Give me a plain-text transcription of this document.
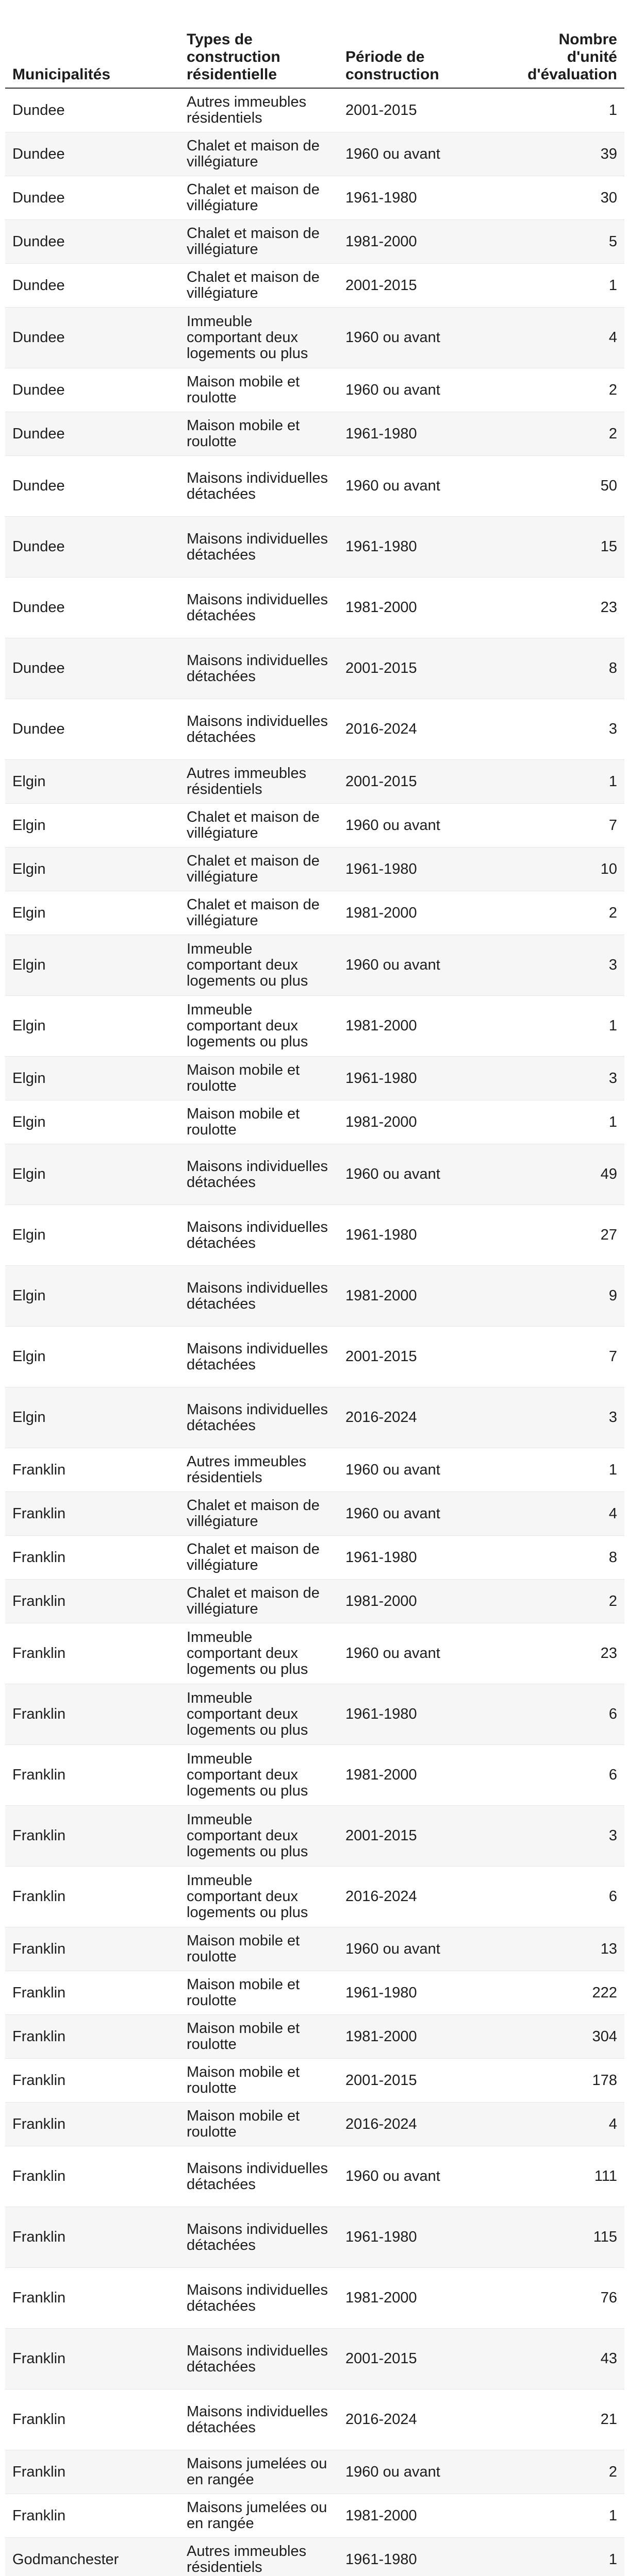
Municipalités	Types de construction résidentielle	Période de construction	Nombre d'unité d'évaluation
Dundee	Autres immeubles résidentiels	2001-2015	1
Dundee	Chalet et maison de villégiature	1960 ou avant	39
Dundee	Chalet et maison de villégiature	1961-1980	30
Dundee	Chalet et maison de villégiature	1981-2000	5
Dundee	Chalet et maison de villégiature	2001-2015	1
Dundee	Immeuble comportant deux logements ou plus	1960 ou avant	4
Dundee	Maison mobile et roulotte	1960 ou avant	2
Dundee	Maison mobile et roulotte	1961-1980	2
Dundee	Maisons individuelles détachées	1960 ou avant	50
Dundee	Maisons individuelles détachées	1961-1980	15
Dundee	Maisons individuelles détachées	1981-2000	23
Dundee	Maisons individuelles détachées	2001-2015	8
Dundee	Maisons individuelles détachées	2016-2024	3
Elgin	Autres immeubles résidentiels	2001-2015	1
Elgin	Chalet et maison de villégiature	1960 ou avant	7
Elgin	Chalet et maison de villégiature	1961-1980	10
Elgin	Chalet et maison de villégiature	1981-2000	2
Elgin	Immeuble comportant deux logements ou plus	1960 ou avant	3
Elgin	Immeuble comportant deux logements ou plus	1981-2000	1
Elgin	Maison mobile et roulotte	1961-1980	3
Elgin	Maison mobile et roulotte	1981-2000	1
Elgin	Maisons individuelles détachées	1960 ou avant	49
Elgin	Maisons individuelles détachées	1961-1980	27
Elgin	Maisons individuelles détachées	1981-2000	9
Elgin	Maisons individuelles détachées	2001-2015	7
Elgin	Maisons individuelles détachées	2016-2024	3
Franklin	Autres immeubles résidentiels	1960 ou avant	1
Franklin	Chalet et maison de villégiature	1960 ou avant	4
Franklin	Chalet et maison de villégiature	1961-1980	8
Franklin	Chalet et maison de villégiature	1981-2000	2
Franklin	Immeuble comportant deux logements ou plus	1960 ou avant	23
Franklin	Immeuble comportant deux logements ou plus	1961-1980	6
Franklin	Immeuble comportant deux logements ou plus	1981-2000	6
Franklin	Immeuble comportant deux logements ou plus	2001-2015	3
Franklin	Immeuble comportant deux logements ou plus	2016-2024	6
Franklin	Maison mobile et roulotte	1960 ou avant	13
Franklin	Maison mobile et roulotte	1961-1980	222
Franklin	Maison mobile et roulotte	1981-2000	304
Franklin	Maison mobile et roulotte	2001-2015	178
Franklin	Maison mobile et roulotte	2016-2024	4
Franklin	Maisons individuelles détachées	1960 ou avant	111
Franklin	Maisons individuelles détachées	1961-1980	115
Franklin	Maisons individuelles détachées	1981-2000	76
Franklin	Maisons individuelles détachées	2001-2015	43
Franklin	Maisons individuelles détachées	2016-2024	21
Franklin	Maisons jumelées ou en rangée	1960 ou avant	2
Franklin	Maisons jumelées ou en rangée	1981-2000	1
Godmanchester	Autres immeubles résidentiels	1961-1980	1
